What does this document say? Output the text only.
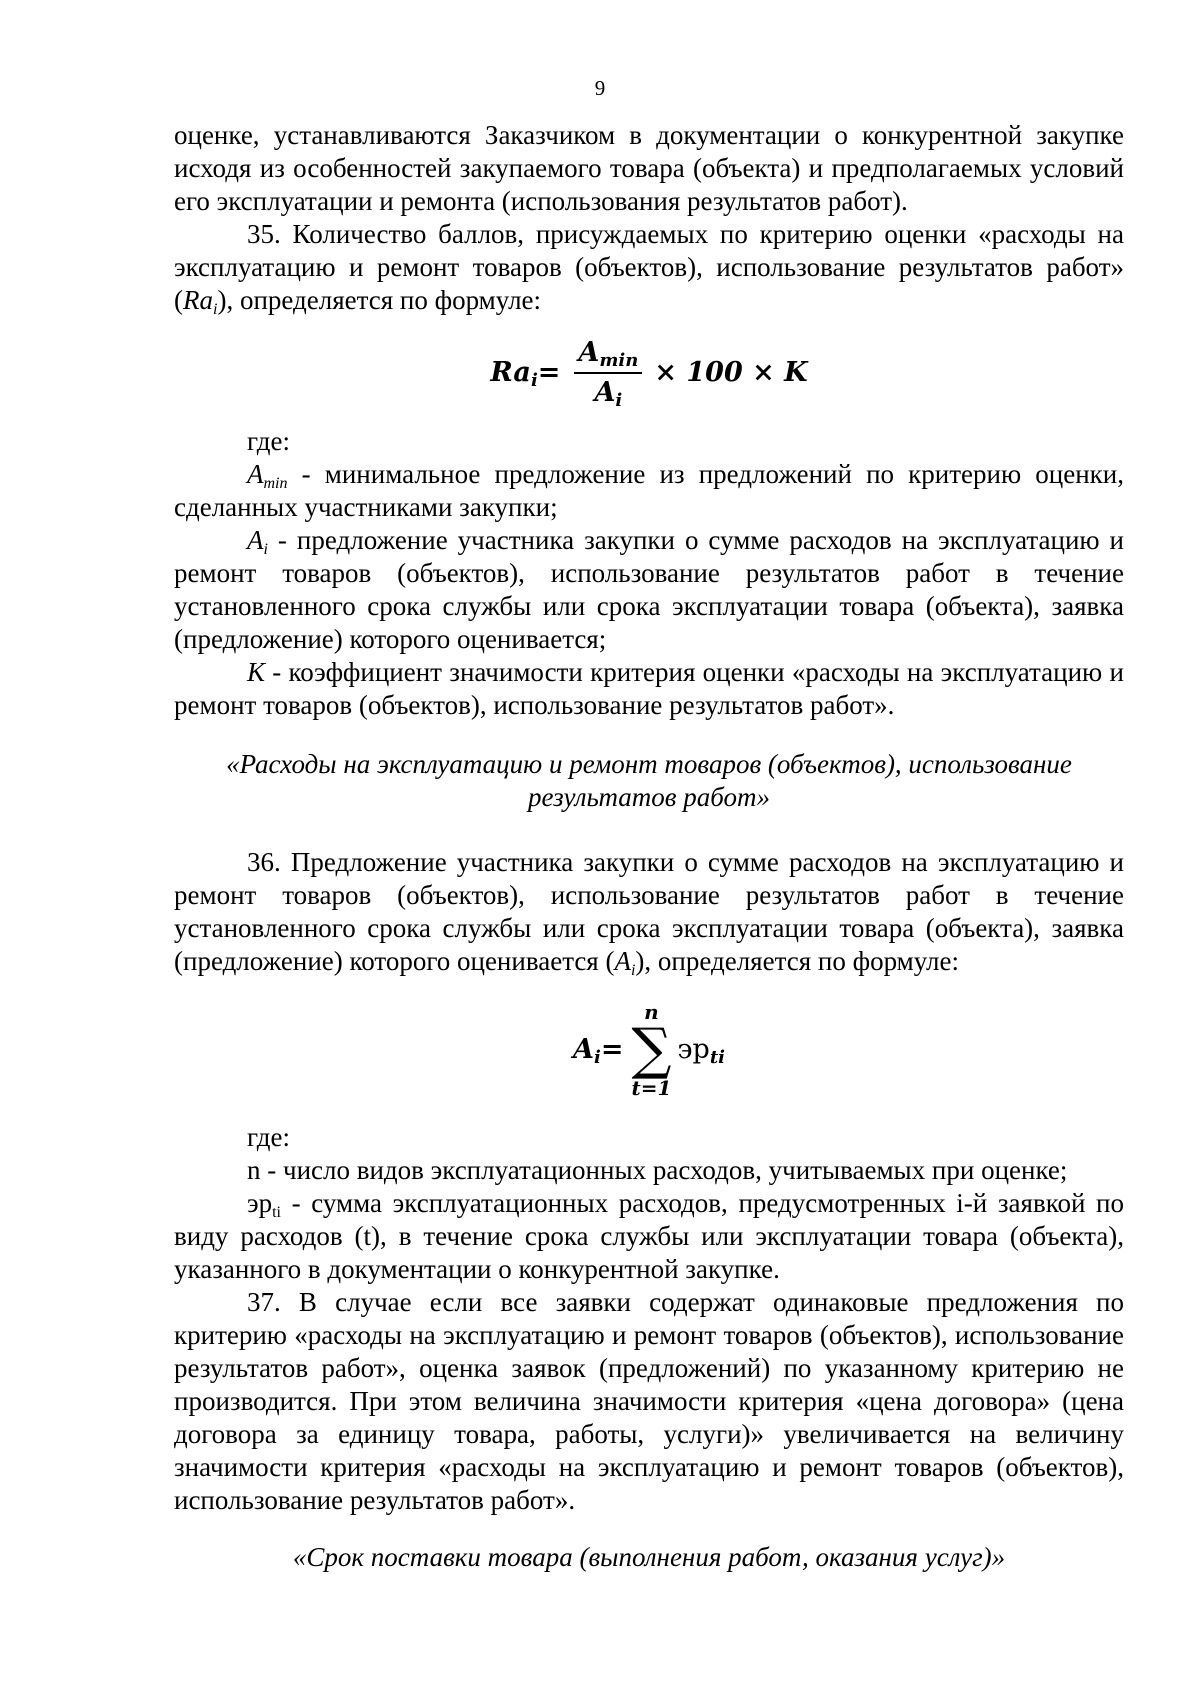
9

оценке, устанавливаются Заказчиком в документации о конкурентной закупке исходя из особенностей закупаемого товара (объекта) и предполагаемых условий его эксплуатации и ремонта (использования результатов работ).

35. Количество баллов, присуждаемых по критерию оценки «расходы на эксплуатацию и ремонт товаров (объектов), использование результатов работ» $(Ra_i)$, определяется по формуле:

$Ra_i = \frac{A_{min}}{A_i} \times 100 \times K$

где:

$A_{min}$ - минимальное предложение из предложений по критерию оценки, сделанных участниками закупки;

$A_i$ - предложение участника закупки о сумме расходов на эксплуатацию и ремонт товаров (объектов), использование результатов работ в течение установленного срока службы или срока эксплуатации товара (объекта), заявка (предложение) которого оценивается;

К - коэффициент значимости критерия оценки «расходы на эксплуатацию и ремонт товаров (объектов), использование результатов работ».

«Расходы на эксплуатацию и ремонт товаров (объектов), использование результатов работ»

36. Предложение участника закупки о сумме расходов на эксплуатацию и ремонт товаров (объектов), использование результатов работ в течение установленного срока службы или срока эксплуатации товара (объекта), заявка (предложение) которого оценивается $(A_i)$, определяется по формуле:

$A_i$ =
n
∑
t=1
$эр_{ti}$

где:

n - число видов эксплуатационных расходов, учитываемых при оценке;

$эр_{ti}$ - сумма эксплуатационных расходов, предусмотренных i-й заявкой по виду расходов (t), в течение срока службы или эксплуатации товара (объекта), указанного в документации о конкурентной закупке.

37. В случае если все заявки содержат одинаковые предложения по критерию «расходы на эксплуатацию и ремонт товаров (объектов), использование результатов работ», оценка заявок (предложений) по указанному критерию не производится. При этом величина значимости критерия «цена договора» (цена договора за единицу товара, работы, услуги)» увеличивается на величину значимости критерия «расходы на эксплуатацию и ремонт товаров (объектов), использование результатов работ».

«Срок поставки товара (выполнения работ, оказания услуг)»
